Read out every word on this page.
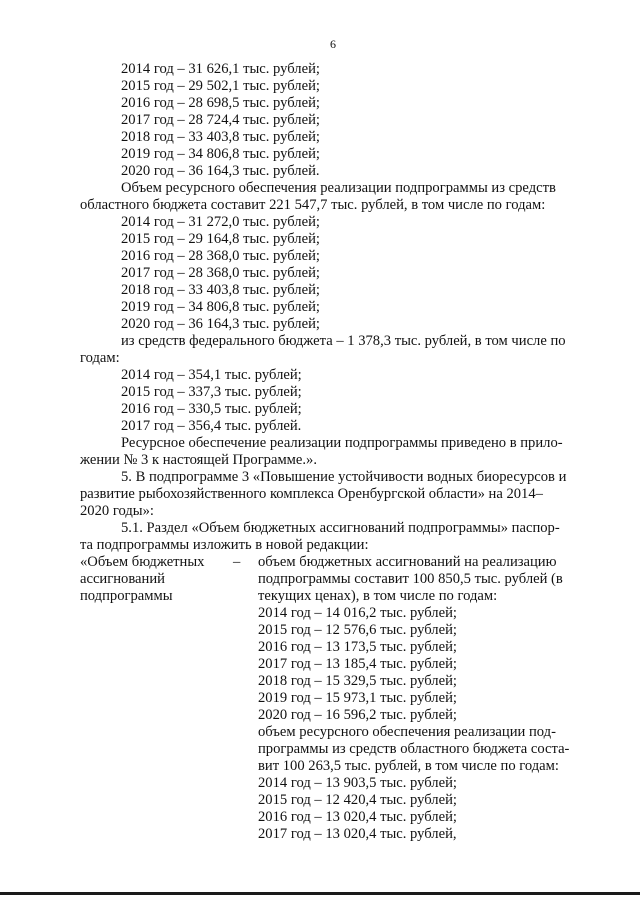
6
2014 год – 31 626,1 тыс. рублей;
2015 год – 29 502,1 тыс. рублей;
2016 год – 28 698,5 тыс. рублей;
2017 год – 28 724,4 тыс. рублей;
2018 год – 33 403,8 тыс. рублей;
2019 год – 34 806,8 тыс. рублей;
2020 год – 36 164,3 тыс. рублей.
Объем ресурсного обеспечения реализации подпрограммы из средств
областного бюджета составит 221 547,7 тыс. рублей, в том числе по годам:
2014 год – 31 272,0 тыс. рублей;
2015 год – 29 164,8 тыс. рублей;
2016 год – 28 368,0 тыс. рублей;
2017 год – 28 368,0 тыс. рублей;
2018 год – 33 403,8 тыс. рублей;
2019 год – 34 806,8 тыс. рублей;
2020 год – 36 164,3 тыс. рублей;
из средств федерального бюджета – 1 378,3 тыс. рублей, в том числе по
годам:
2014 год – 354,1 тыс. рублей;
2015 год – 337,3 тыс. рублей;
2016 год – 330,5 тыс. рублей;
2017 год – 356,4 тыс. рублей.
Ресурсное обеспечение реализации подпрограммы приведено в прило-
жении № 3 к настоящей Программе.».
5. В подпрограмме 3 «Повышение устойчивости водных биоресурсов и
развитие рыбохозяйственного комплекса Оренбургской области» на 2014–
2020 годы»:
5.1. Раздел «Объем бюджетных ассигнований подпрограммы» паспор-
та подпрограммы изложить в новой редакции:
«Объем бюджетных
ассигнований
подпрограммы
– объем бюджетных ассигнований на реализацию
подпрограммы составит 100 850,5 тыс. рублей (в
текущих ценах), в том числе по годам:
2014 год – 14 016,2 тыс. рублей;
2015 год – 12 576,6 тыс. рублей;
2016 год – 13 173,5 тыс. рублей;
2017 год – 13 185,4 тыс. рублей;
2018 год – 15 329,5 тыс. рублей;
2019 год – 15 973,1 тыс. рублей;
2020 год – 16 596,2 тыс. рублей;
объем ресурсного обеспечения реализации под-
программы из средств областного бюджета соста-
вит 100 263,5 тыс. рублей, в том числе по годам:
2014 год – 13 903,5 тыс. рублей;
2015 год – 12 420,4 тыс. рублей;
2016 год – 13 020,4 тыс. рублей;
2017 год – 13 020,4 тыс. рублей,
